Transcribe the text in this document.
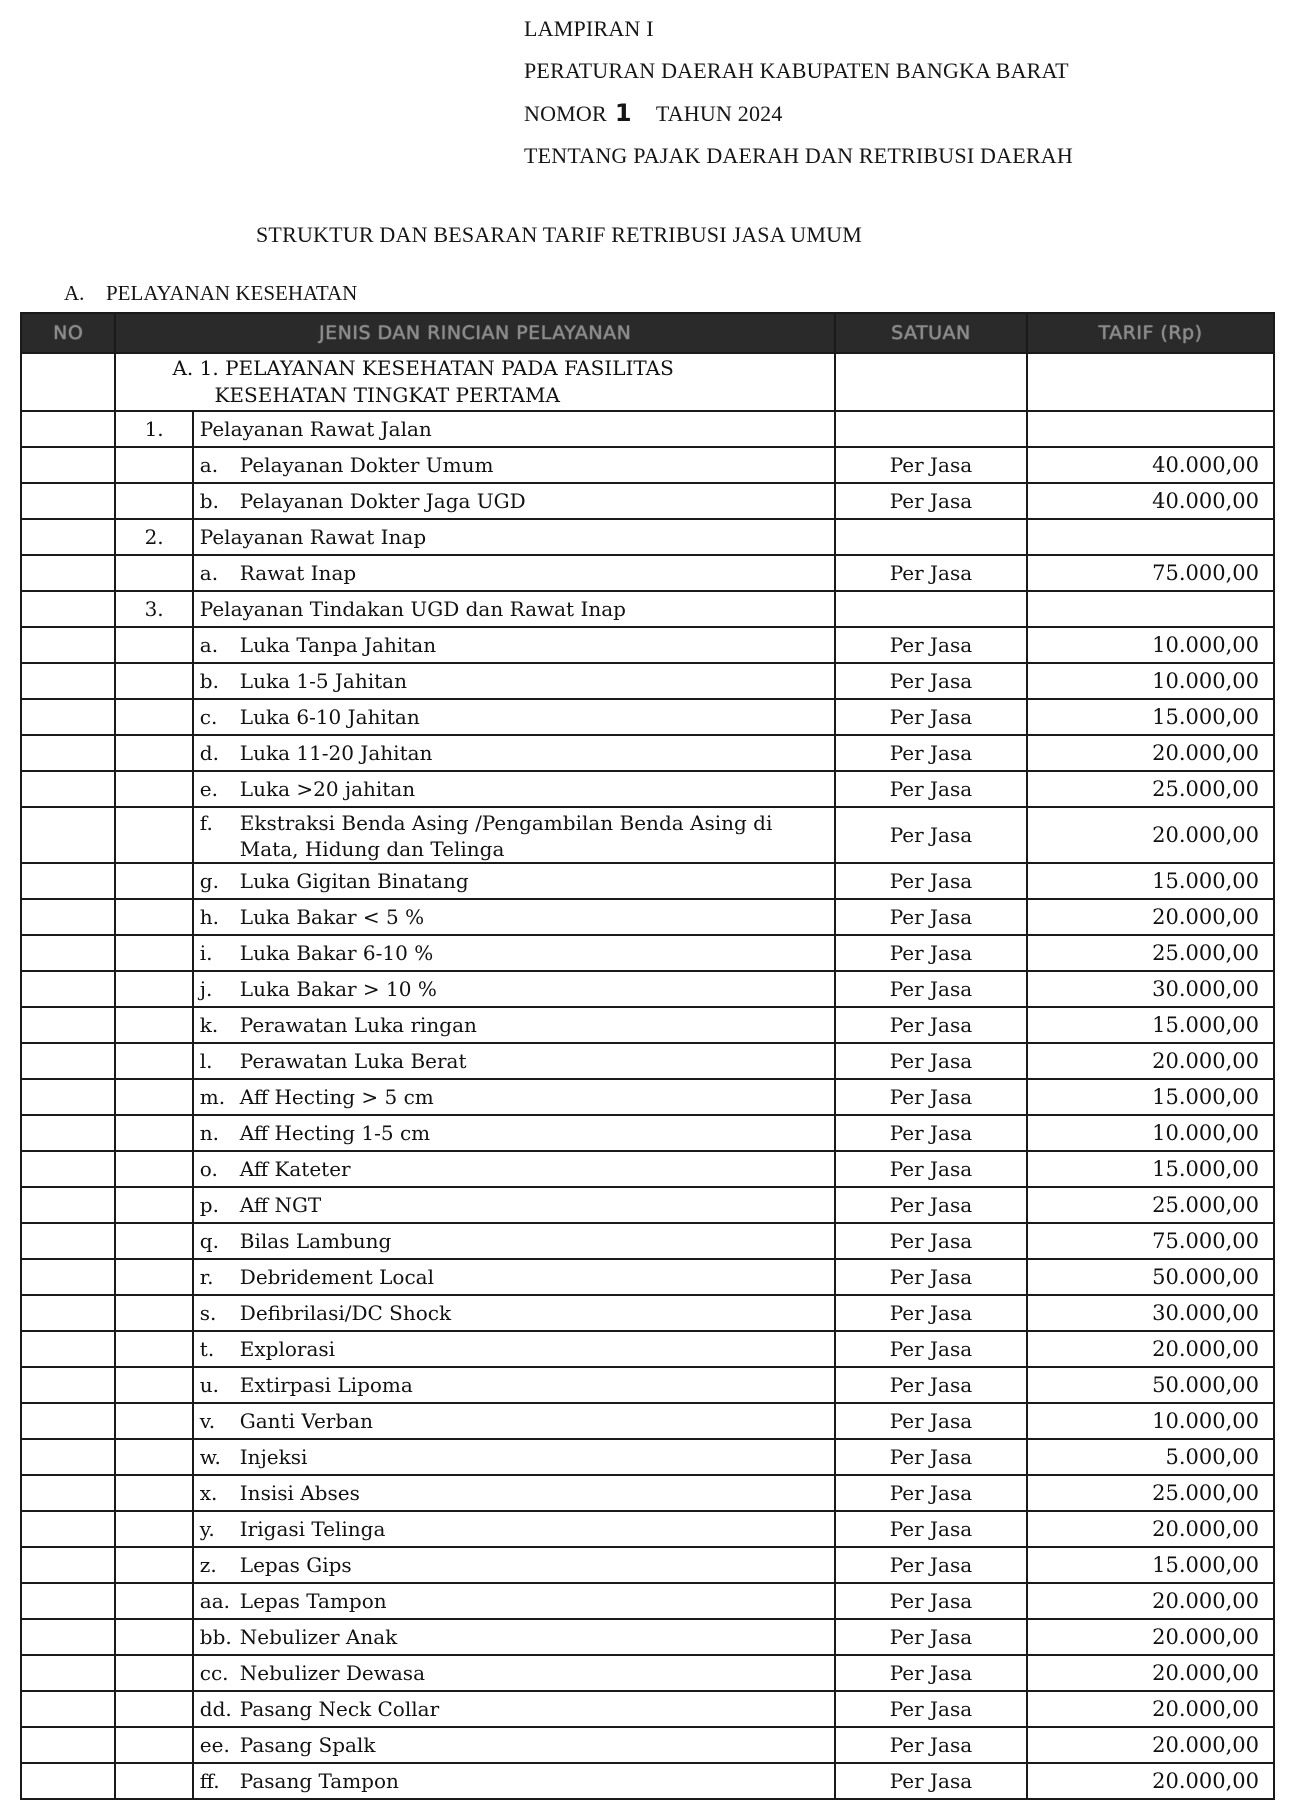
LAMPIRAN I
PERATURAN DAERAH KABUPATEN BANGKA BARAT
NOMOR 1 TAHUN 2024
TENTANG PAJAK DAERAH DAN RETRIBUSI DAERAH
STRUKTUR DAN BESARAN TARIF RETRIBUSI JASA UMUM
A. PELAYANAN KESEHATAN
NO	JENIS DAN RINCIAN PELAYANAN		SATUAN	TARIF (Rp)
	A. 1. PELAYANAN KESEHATAN PADA FASILITAS
KESEHATAN TINGKAT PERTAMA			

	1.	Pelayanan Rawat Jalan		
		a. Pelayanan Dokter Umum	Per Jasa	40.000,00
		b. Pelayanan Dokter Jaga UGD	Per Jasa	40.000,00
	2.	Pelayanan Rawat Inap		
		a. Rawat Inap	Per Jasa	75.000,00
	3.	Pelayanan Tindakan UGD dan Rawat Inap		
		a. Luka Tanpa Jahitan	Per Jasa	10.000,00
		b. Luka 1-5 Jahitan	Per Jasa	10.000,00
		c. Luka 6-10 Jahitan	Per Jasa	15.000,00
		d. Luka 11-20 Jahitan	Per Jasa	20.000,00
		e. Luka >20 jahitan	Per Jasa	25.000,00
		f. Ekstraksi Benda Asing /Pengambilan Benda Asing di
Mata, Hidung dan Telinga	Per Jasa	20.000,00
		g. Luka Gigitan Binatang	Per Jasa	15.000,00
		h. Luka Bakar < 5 %	Per Jasa	20.000,00
		i. Luka Bakar 6-10 %	Per Jasa	25.000,00
		j. Luka Bakar > 10 %	Per Jasa	30.000,00
		k. Perawatan Luka ringan	Per Jasa	15.000,00
		l. Perawatan Luka Berat	Per Jasa	20.000,00
		m. Aff Hecting > 5 cm	Per Jasa	15.000,00
		n. Aff Hecting 1-5 cm	Per Jasa	10.000,00
		o. Aff Kateter	Per Jasa	15.000,00
		p. Aff NGT	Per Jasa	25.000,00
		q. Bilas Lambung	Per Jasa	75.000,00
		r. Debridement Local	Per Jasa	50.000,00
		s. Defibrilasi/DC Shock	Per Jasa	30.000,00
		t. Explorasi	Per Jasa	20.000,00
		u. Extirpasi Lipoma	Per Jasa	50.000,00
		v. Ganti Verban	Per Jasa	10.000,00
		w. Injeksi	Per Jasa	5.000,00
		x. Insisi Abses	Per Jasa	25.000,00
		y. Irigasi Telinga	Per Jasa	20.000,00
		z. Lepas Gips	Per Jasa	15.000,00
		aa. Lepas Tampon	Per Jasa	20.000,00
		bb. Nebulizer Anak	Per Jasa	20.000,00
		cc. Nebulizer Dewasa	Per Jasa	20.000,00
		dd. Pasang Neck Collar	Per Jasa	20.000,00
		ee. Pasang Spalk	Per Jasa	20.000,00
		ff. Pasang Tampon	Per Jasa	20.000,00
